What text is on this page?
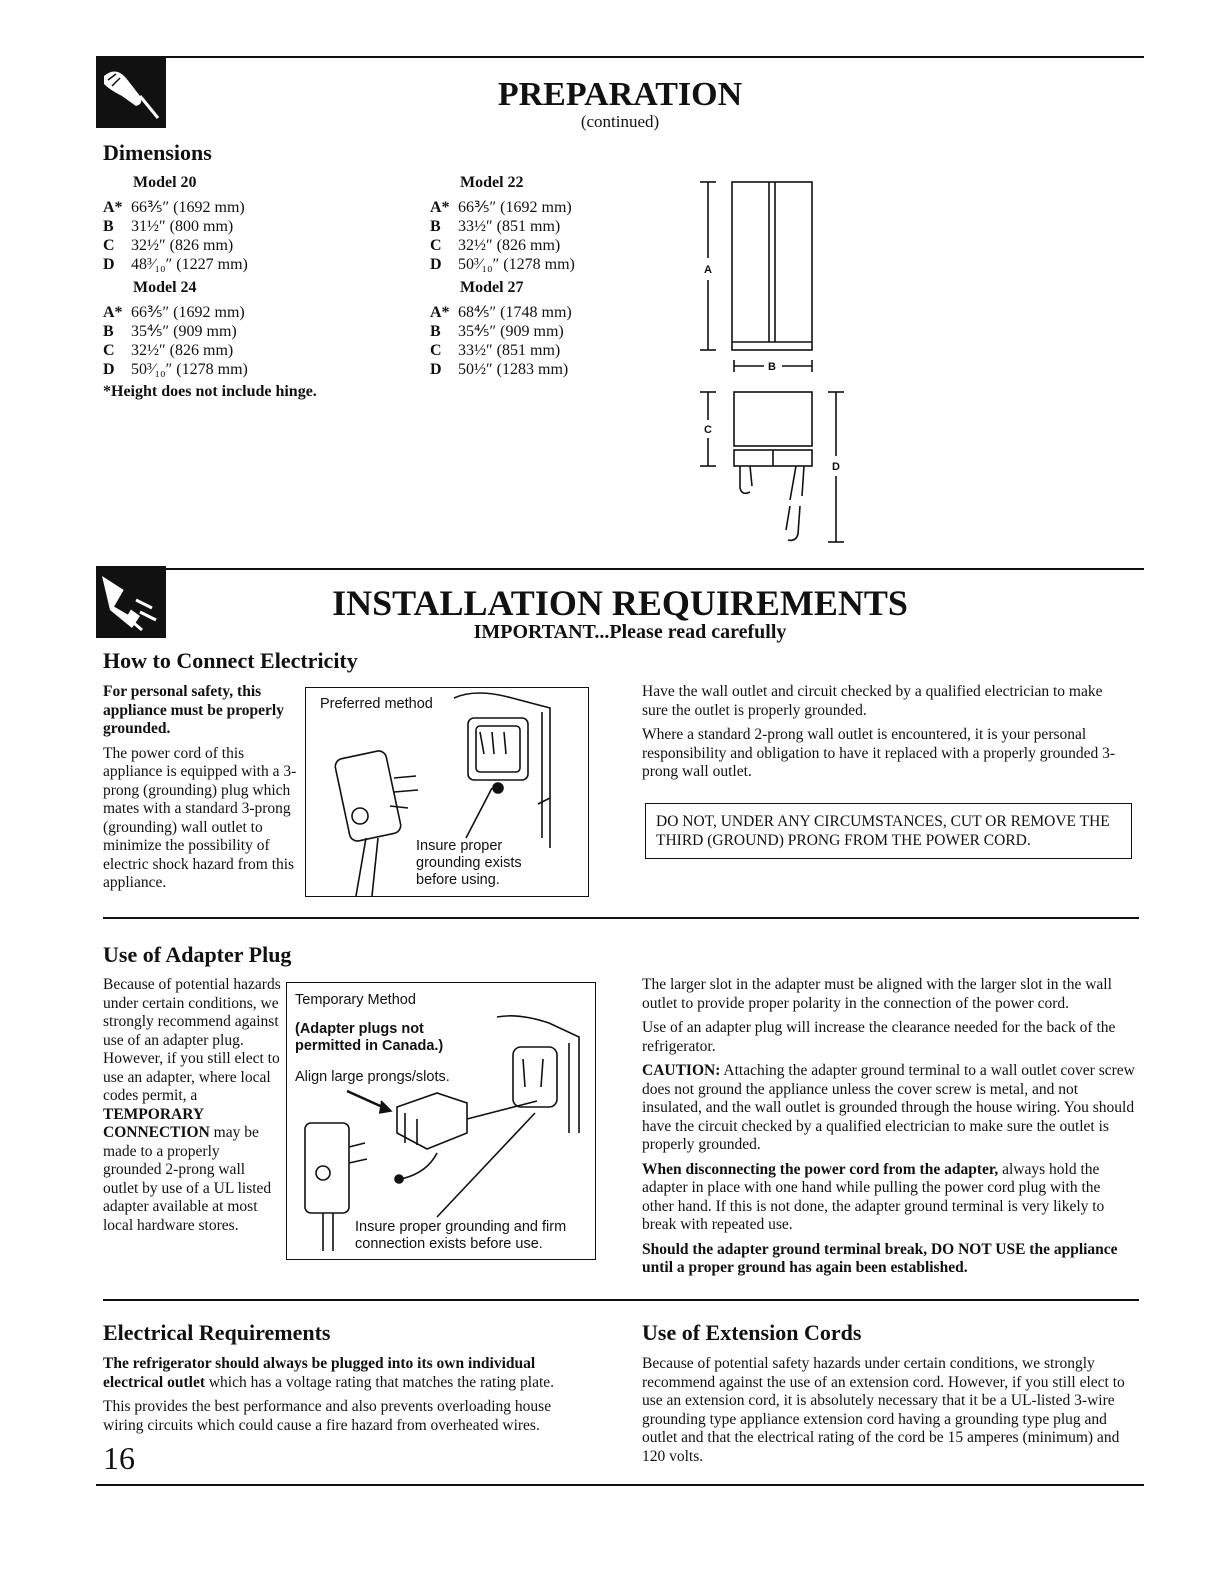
PREPARATION
(continued)
Dimensions
Model 20
A* 66⅗″ (1692 mm)
B 31½″ (800 mm)
C 32½″ (826 mm)
D 48³⁄₁₀″ (1227 mm)
Model 24
A* 66⅗″ (1692 mm)
B 35⅘″ (909 mm)
C 32½″ (826 mm)
D 50³⁄₁₀″ (1278 mm)
*Height does not include hinge.
Model 22
A* 66⅗″ (1692 mm)
B 33½″ (851 mm)
C 32½″ (826 mm)
D 50³⁄₁₀″ (1278 mm)
Model 27
A* 68⅘″ (1748 mm)
B 35⅘″ (909 mm)
C 33½″ (851 mm)
D 50½″ (1283 mm)
A
B
C
D
INSTALLATION REQUIREMENTS
IMPORTANT...Please read carefully
How to Connect Electricity

For personal safety, this appliance must be properly grounded.

The power cord of this appliance is equipped with a 3-prong (grounding) plug which mates with a standard 3-prong (grounding) wall outlet to minimize the possibility of electric shock hazard from this appliance.

Preferred method
Insure proper grounding exists before using.

Have the wall outlet and circuit checked by a qualified electrician to make sure the outlet is properly grounded.

Where a standard 2-prong wall outlet is encountered, it is your personal responsibility and obligation to have it replaced with a properly grounded 3-prong wall outlet.

DO NOT, UNDER ANY CIRCUMSTANCES, CUT OR REMOVE THE THIRD (GROUND) PRONG FROM THE POWER CORD.
Use of Adapter Plug
Because of potential hazards under certain conditions, we strongly recommend against use of an adapter plug. However, if you still elect to use an adapter, where local codes permit, a TEMPORARY CONNECTION may be made to a properly grounded 2-prong wall outlet by use of a UL listed adapter available at most local hardware stores.
Temporary Method
(Adapter plugs not permitted in Canada.)
Align large prongs/slots.
Insure proper grounding and firm connection exists before use.

The larger slot in the adapter must be aligned with the larger slot in the wall outlet to provide proper polarity in the connection of the power cord.

Use of an adapter plug will increase the clearance needed for the back of the refrigerator.

CAUTION: Attaching the adapter ground terminal to a wall outlet cover screw does not ground the appliance unless the cover screw is metal, and not insulated, and the wall outlet is grounded through the house wiring. You should have the circuit checked by a qualified electrician to make sure the outlet is properly grounded.

When disconnecting the power cord from the adapter, always hold the adapter in place with one hand while pulling the power cord plug with the other hand. If this is not done, the adapter ground terminal is very likely to break with repeated use.

Should the adapter ground terminal break, DO NOT USE the appliance until a proper ground has again been established.

Electrical Requirements

The refrigerator should always be plugged into its own individual electrical outlet which has a voltage rating that matches the rating plate.

This provides the best performance and also prevents overloading house wiring circuits which could cause a fire hazard from overheated wires.

Use of Extension Cords
Because of potential safety hazards under certain conditions, we strongly recommend against the use of an extension cord. However, if you still elect to use an extension cord, it is absolutely necessary that it be a UL-listed 3-wire grounding type appliance extension cord having a grounding type plug and outlet and that the electrical rating of the cord be 15 amperes (minimum) and 120 volts.
16
